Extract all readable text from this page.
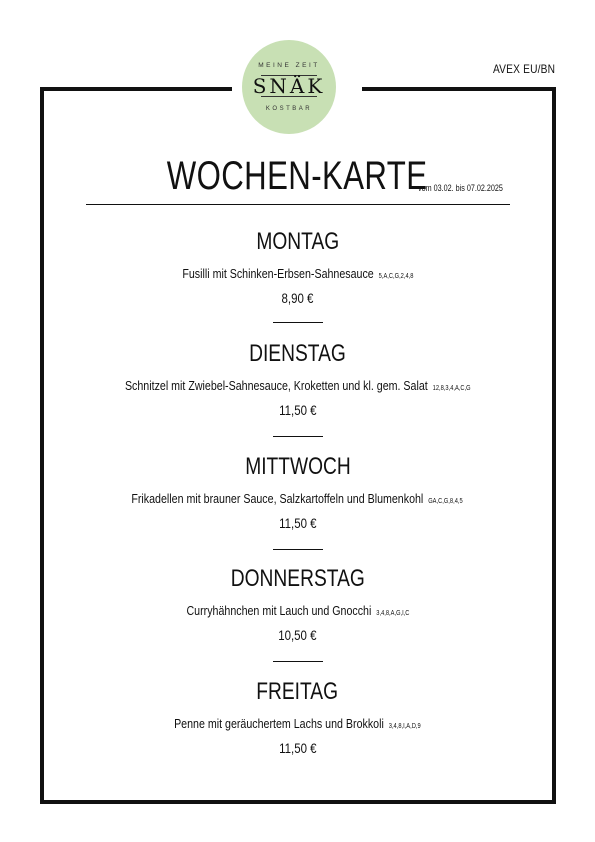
MEINE ZEIT
SNÄK
KOSTBAR
AVEX EU/BN
WOCHEN-KARTE
vom 03.02. bis 07.02.2025
MONTAG
Fusilli mit Schinken-Erbsen-Sahnesauce 5,A,C,G,2,4,8
8,90 €
DIENSTAG
Schnitzel mit Zwiebel-Sahnesauce, Kroketten und kl. gem. Salat 12,8,3,4,A,C,G
11,50 €
MITTWOCH
Frikadellen mit brauner Sauce, Salzkartoffeln und Blumenkohl GA,C,G,8,4,5
11,50 €
DONNERSTAG
Curryhähnchen mit Lauch und Gnocchi 3,4,8,A,G,I,C
10,50 €
FREITAG
Penne mit geräuchertem Lachs und Brokkoli 3,4,8,I,A,D,9
11,50 €
